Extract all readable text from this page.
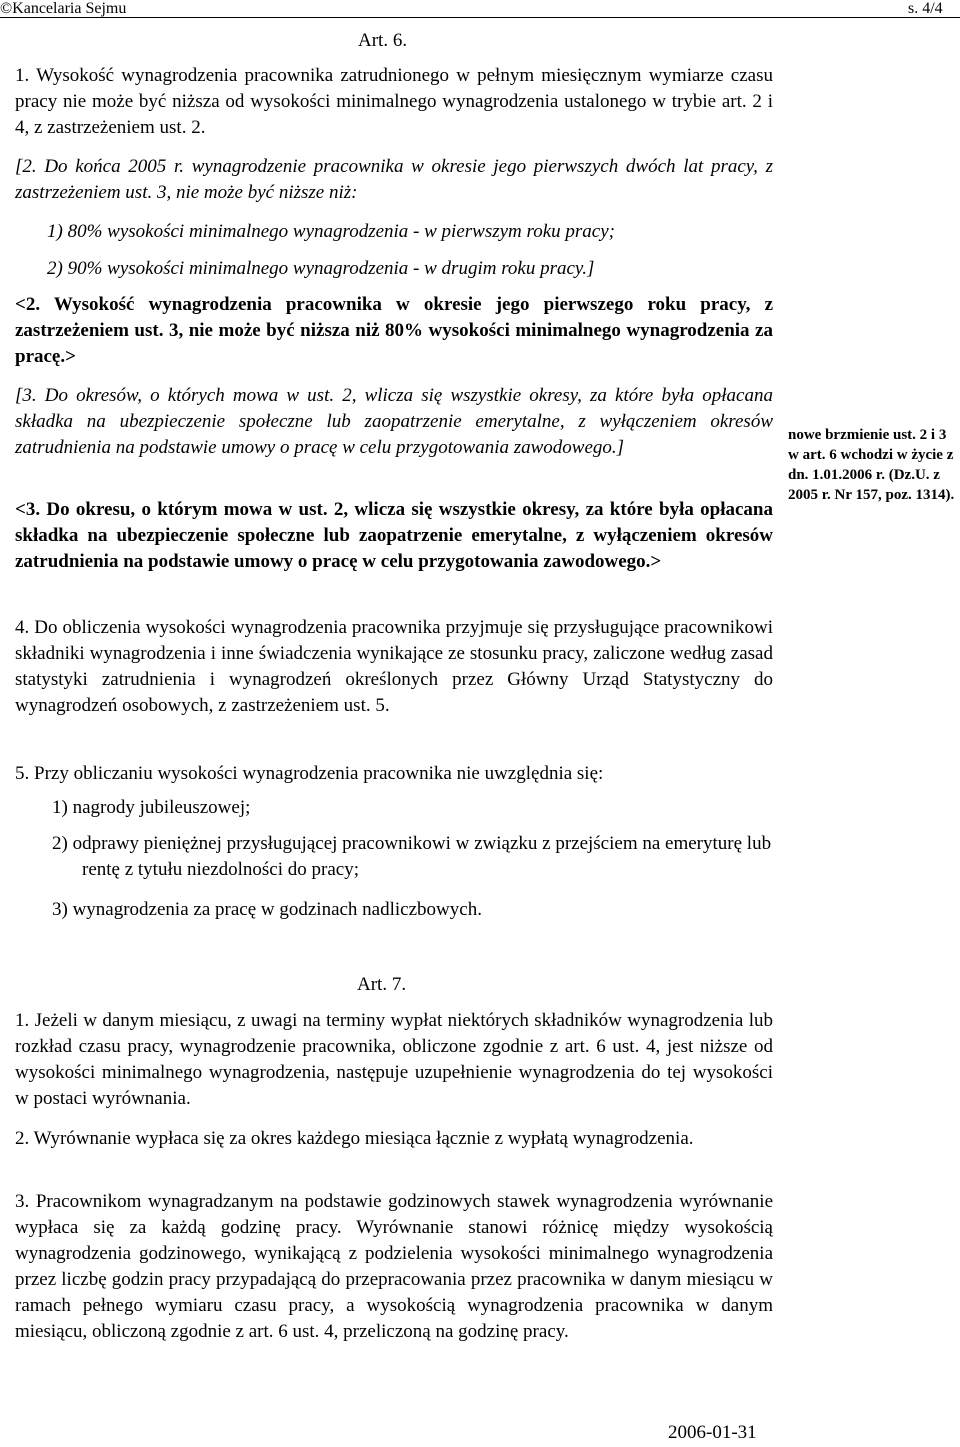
©Kancelaria Sejmu	s. 4/4
Art. 6.

1. Wysokość wynagrodzenia pracownika zatrudnionego w pełnym miesięcznym wymiarze czasu pracy nie może być niższa od wysokości minimalnego wynagrodzenia ustalonego w trybie art. 2 i 4, z zastrzeżeniem ust. 2.

[2. Do końca 2005 r. wynagrodzenie pracownika w okresie jego pierwszych dwóch lat pracy, z zastrzeżeniem ust. 3, nie może być niższe niż:

1) 80% wysokości minimalnego wynagrodzenia - w pierwszym roku pracy;
2) 90% wysokości minimalnego wynagrodzenia - w drugim roku pracy.]

<2. Wysokość wynagrodzenia pracownika w okresie jego pierwszego roku pracy, z zastrzeżeniem ust. 3, nie może być niższa niż 80% wysokości minimalnego wynagrodzenia za pracę.>

[3. Do okresów, o których mowa w ust. 2, wlicza się wszystkie okresy, za które była opłacana składka na ubezpieczenie społeczne lub zaopatrzenie emerytalne, z wyłączeniem okresów zatrudnienia na podstawie umowy o pracę w celu przygotowania zawodowego.]

<3. Do okresu, o którym mowa w ust. 2, wlicza się wszystkie okresy, za które była opłacana składka na ubezpieczenie społeczne lub zaopatrzenie emerytalne, z wyłączeniem okresów zatrudnienia na podstawie umowy o pracę w celu przygotowania zawodowego.>

4. Do obliczenia wysokości wynagrodzenia pracownika przyjmuje się przysługujące pracownikowi składniki wynagrodzenia i inne świadczenia wynikające ze stosunku pracy, zaliczone według zasad statystyki zatrudnienia i wynagrodzeń określonych przez Główny Urząd Statystyczny do wynagrodzeń osobowych, z zastrzeżeniem ust. 5.

5. Przy obliczaniu wysokości wynagrodzenia pracownika nie uwzględnia się:
1) nagrody jubileuszowej;
2) odprawy pieniężnej przysługującej pracownikowi w związku z przejściem na emeryturę lub rentę z tytułu niezdolności do pracy;
3) wynagrodzenia za pracę w godzinach nadliczbowych.
nowe brzmienie ust. 2 i 3 w art. 6 wchodzi w życie z dn. 1.01.2006 r. (Dz.U. z 2005 r. Nr 157, poz. 1314).
Art. 7.

1. Jeżeli w danym miesiącu, z uwagi na terminy wypłat niektórych składników wynagrodzenia lub rozkład czasu pracy, wynagrodzenie pracownika, obliczone zgodnie z art. 6 ust. 4, jest niższe od wysokości minimalnego wynagrodzenia, następuje uzupełnienie wynagrodzenia do tej wysokości w postaci wyrównania.

2. Wyrównanie wypłaca się za okres każdego miesiąca łącznie z wypłatą wynagrodzenia.

3. Pracownikom wynagradzanym na podstawie godzinowych stawek wynagrodzenia wyrównanie wypłaca się za każdą godzinę pracy. Wyrównanie stanowi różnicę między wysokością wynagrodzenia godzinowego, wynikającą z podzielenia wysokości minimalnego wynagrodzenia przez liczbę godzin pracy przypadającą do przepracowania przez pracownika w danym miesiącu w ramach pełnego wymiaru czasu pracy, a wysokością wynagrodzenia pracownika w danym miesiącu, obliczoną zgodnie z art. 6 ust. 4, przeliczoną na godzinę pracy.

2006-01-31
